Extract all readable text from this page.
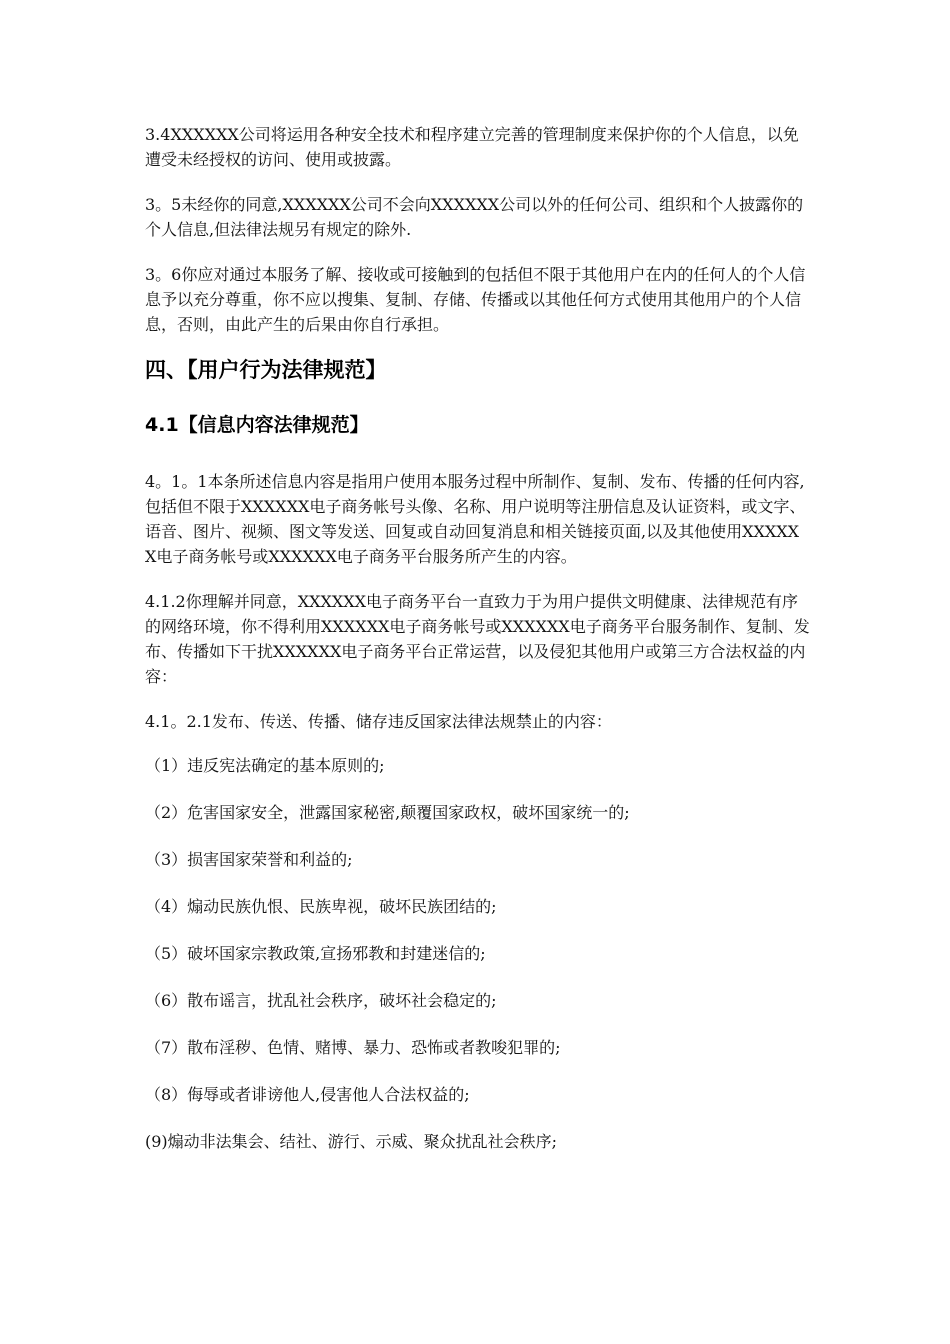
3.4XXXXXX公司将运用各种安全技术和程序建立完善的管理制度来保护你的个人信息，以免遭受未经授权的访问、使用或披露。

3。5未经你的同意,XXXXXX公司不会向XXXXXX公司以外的任何公司、组织和个人披露你的个人信息,但法律法规另有规定的除外.

3。6你应对通过本服务了解、接收或可接触到的包括但不限于其他用户在内的任何人的个人信息予以充分尊重，你不应以搜集、复制、存储、传播或以其他任何方式使用其他用户的个人信息，否则，由此产生的后果由你自行承担。

四、【用户行为法律规范】
4.1【信息内容法律规范】

4。1。1本条所述信息内容是指用户使用本服务过程中所制作、复制、发布、传播的任何内容,包括但不限于XXXXXX电子商务帐号头像、名称、用户说明等注册信息及认证资料，或文字、语音、图片、视频、图文等发送、回复或自动回复消息和相关链接页面,以及其他使用XXXXXX电子商务帐号或XXXXXX电子商务平台服务所产生的内容。

4.1.2你理解并同意，XXXXXX电子商务平台一直致力于为用户提供文明健康、法律规范有序的网络环境，你不得利用XXXXXX电子商务帐号或XXXXXX电子商务平台服务制作、复制、发布、传播如下干扰XXXXXX电子商务平台正常运营，以及侵犯其他用户或第三方合法权益的内容：

4.1。2.1发布、传送、传播、储存违反国家法律法规禁止的内容：

（1）违反宪法确定的基本原则的;
（2）危害国家安全，泄露国家秘密,颠覆国家政权，破坏国家统一的;
（3）损害国家荣誉和利益的;
（4）煽动民族仇恨、民族卑视，破坏民族团结的;
（5）破坏国家宗教政策,宣扬邪教和封建迷信的;
（6）散布谣言，扰乱社会秩序，破坏社会稳定的;
（7）散布淫秽、色情、赌博、暴力、恐怖或者教唆犯罪的;
（8）侮辱或者诽谤他人,侵害他人合法权益的;
(9)煽动非法集会、结社、游行、示威、聚众扰乱社会秩序;
